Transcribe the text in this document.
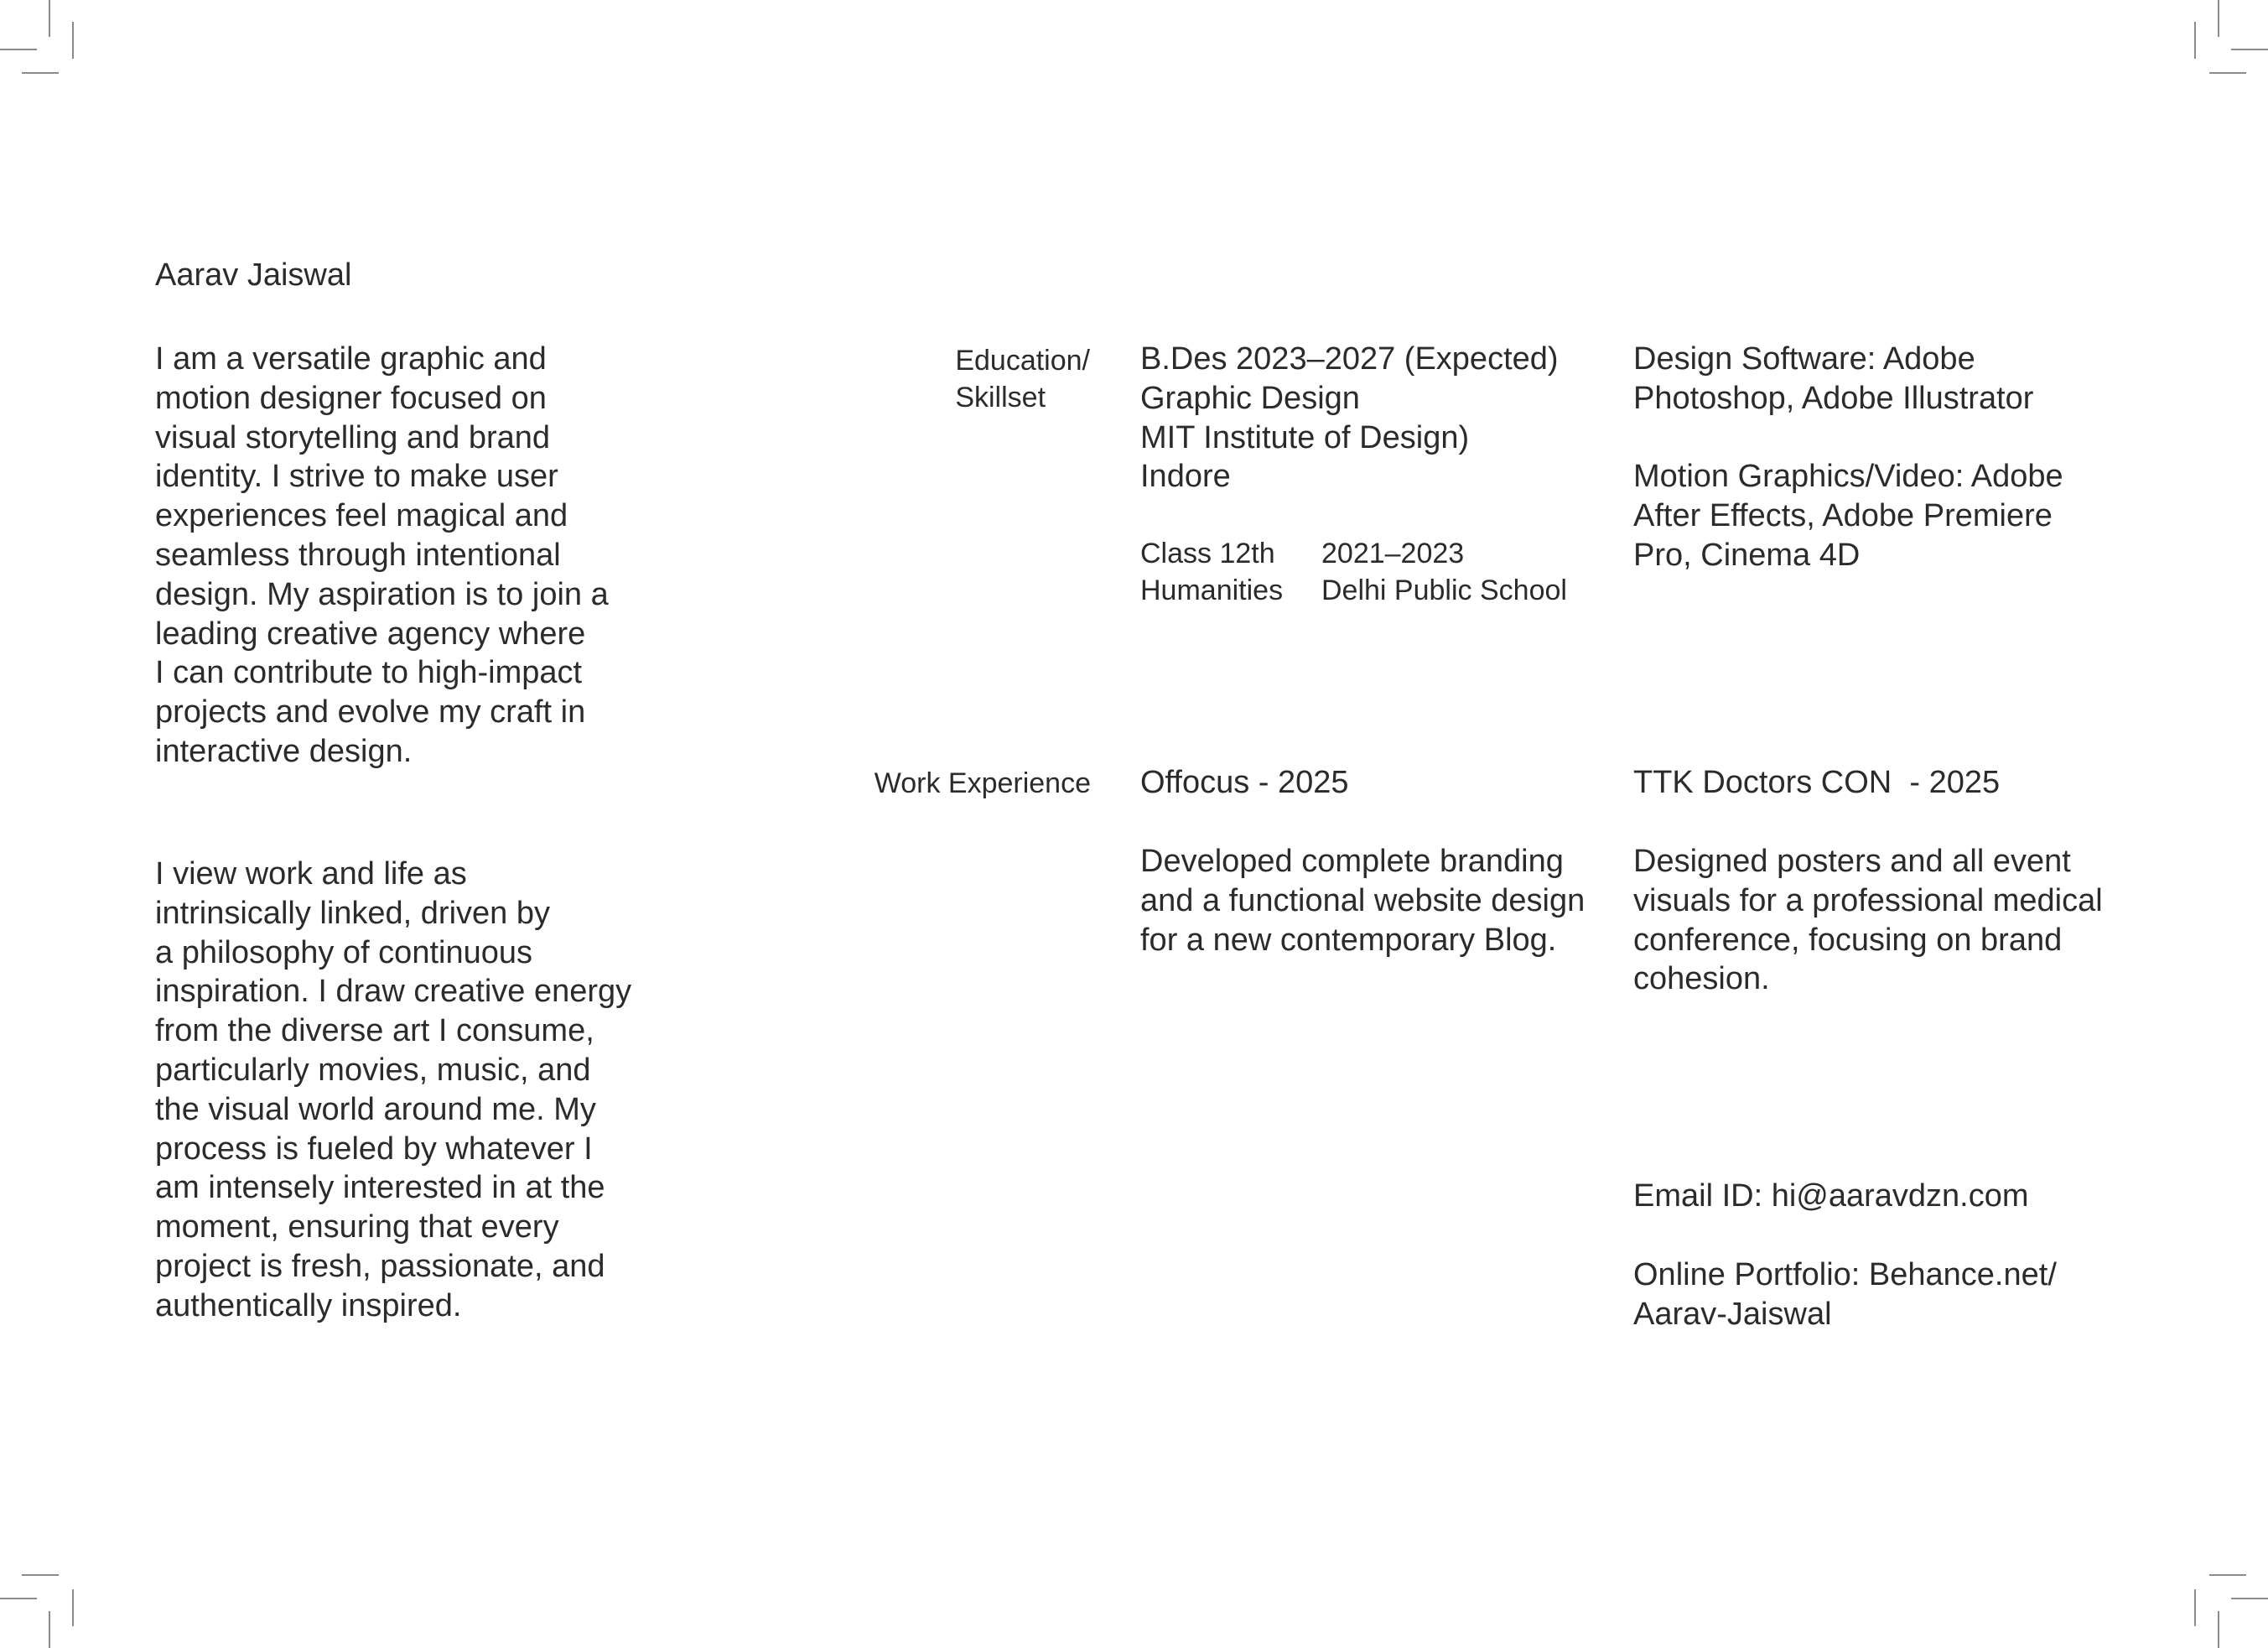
Aarav Jaiswal

I am a versatile graphic and
motion designer focused on
visual storytelling and brand
identity. I strive to make user
experiences feel magical and
seamless through intentional
design. My aspiration is to join a
leading creative agency where
I can contribute to high-impact
projects and evolve my craft in
interactive design.

I view work and life as
intrinsically linked, driven by
a philosophy of continuous
inspiration. I draw creative energy
from the diverse art I consume,
particularly movies, music, and
the visual world around me. My
process is fueled by whatever I
am intensely interested in at the
moment, ensuring that every
project is fresh, passionate, and
authentically inspired.

Education/
Skillset

B.Des 2023–2027 (Expected)
Graphic Design
MIT Institute of Design)
Indore

Class 12th
Humanities

2021–2023
Delhi Public School

Design Software: Adobe
Photoshop, Adobe Illustrator

Motion Graphics/Video: Adobe
After Effects, Adobe Premiere
Pro, Cinema 4D

Work Experience Offocus - 2025

Developed complete branding
and a functional website design
for a new contemporary Blog.

TTK Doctors CON  - 2025

Designed posters and all event
visuals for a professional medical
conference, focusing on brand
cohesion.

Email ID: hi@aaravdzn.com

Online Portfolio: Behance.net/
Aarav-Jaiswal
